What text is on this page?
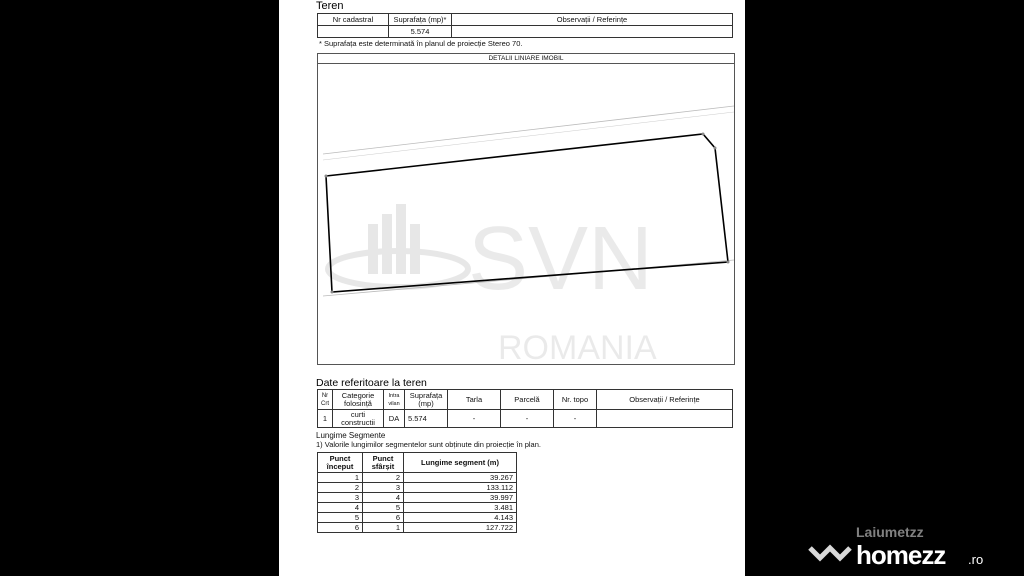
Teren
Nr cadastral	Suprafața (mp)*	Observații / Referințe
	5.574	
* Suprafața este determinată în planul de proiecție Stereo 70.
DETALII LINIARE IMOBIL
SVN
ROMANIA
Date referitoare la teren
Nr Crt	Categorie folosință	Intra vilan	Suprafața (mp)	Tarla	Parcelă	Nr. topo	Observații / Referințe
1	curti constructii	DA	5.574	-	-	-	
Lungime Segmente
1) Valorile lungimilor segmentelor sunt obținute din proiecție în plan.
Punct început	Punct sfârșit	Lungime segment (m)
1	2	39.267
2	3	133.112
3	4	39.997
4	5	3.481
5	6	4.143
6	1	127.722	Laiumetzz
homezz .ro
